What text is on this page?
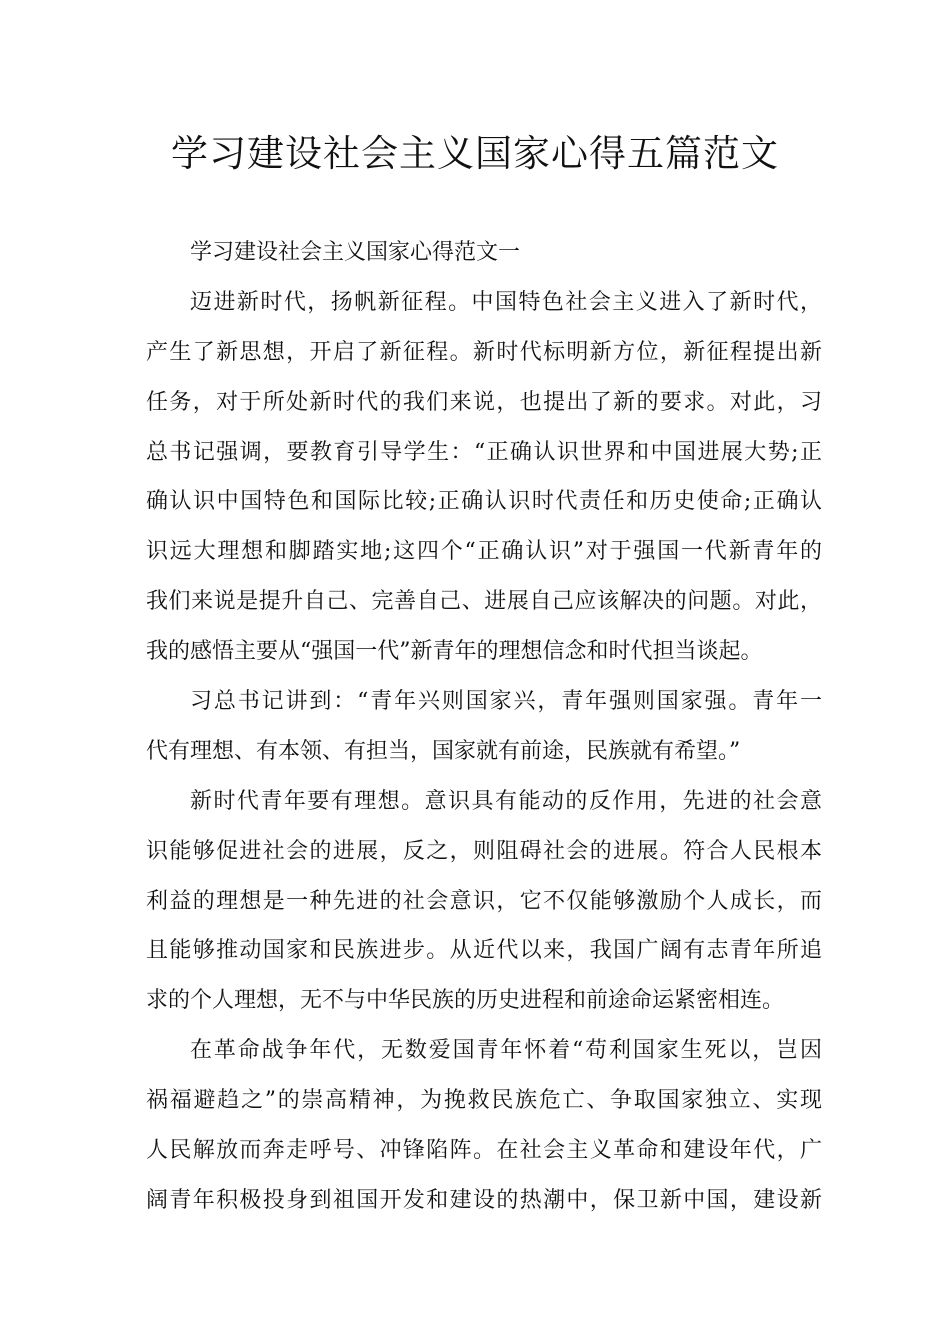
学习建设社会主义国家心得五篇范文
学习建设社会主义国家心得范文一
迈进新时代，扬帆新征程。中国特色社会主义进入了新时代，
产生了新思想，开启了新征程。新时代标明新方位，新征程提出新
任务，对于所处新时代的我们来说，也提出了新的要求。对此，习
总书记强调，要教育引导学生：“正确认识世界和中国进展大势;正
确认识中国特色和国际比较;正确认识时代责任和历史使命;正确认
识远大理想和脚踏实地;这四个“正确认识”对于强国一代新青年的
我们来说是提升自己、完善自己、进展自己应该解决的问题。对此，
我的感悟主要从“强国一代”新青年的理想信念和时代担当谈起。
习总书记讲到：“青年兴则国家兴，青年强则国家强。青年一
代有理想、有本领、有担当，国家就有前途，民族就有希望。”
新时代青年要有理想。意识具有能动的反作用，先进的社会意
识能够促进社会的进展，反之，则阻碍社会的进展。符合人民根本
利益的理想是一种先进的社会意识，它不仅能够激励个人成长，而
且能够推动国家和民族进步。从近代以来，我国广阔有志青年所追
求的个人理想，无不与中华民族的历史进程和前途命运紧密相连。
在革命战争年代，无数爱国青年怀着“苟利国家生死以，岂因
祸福避趋之”的崇高精神，为挽救民族危亡、争取国家独立、实现
人民解放而奔走呼号、冲锋陷阵。在社会主义革命和建设年代，广
阔青年积极投身到祖国开发和建设的热潮中，保卫新中国，建设新
